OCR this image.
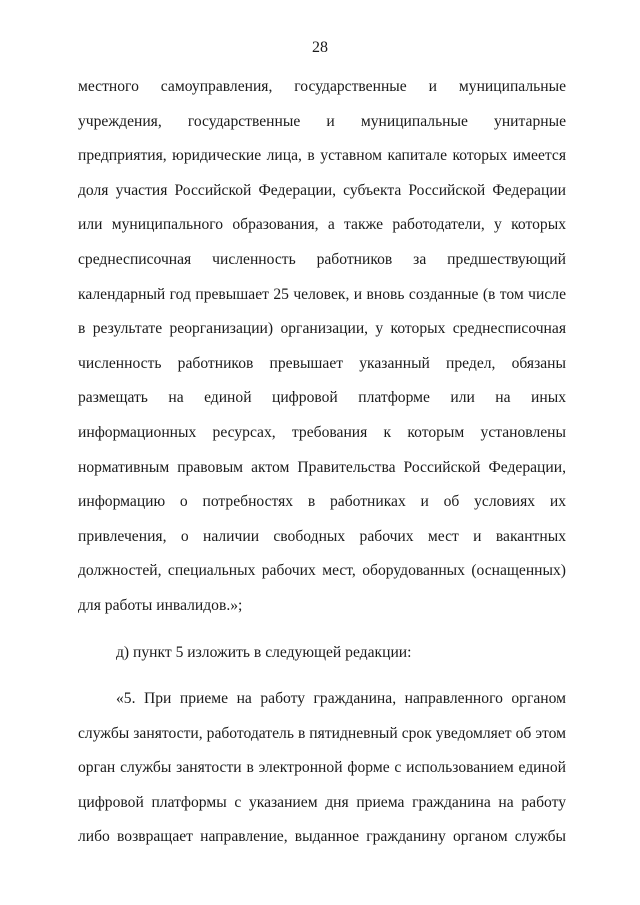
28

местного самоуправления, государственные и муниципальные учреждения, государственные и муниципальные унитарные предприятия, юридические лица, в уставном капитале которых имеется доля участия Российской Федерации, субъекта Российской Федерации или муниципального образования, а также работодатели, у которых среднесписочная численность работников за предшествующий календарный год превышает 25 человек, и вновь созданные (в том числе в результате реорганизации) организации, у которых среднесписочная численность работников превышает указанный предел, обязаны размещать на единой цифровой платформе или на иных информационных ресурсах, требования к которым установлены нормативным правовым актом Правительства Российской Федерации, информацию о потребностях в работниках и об условиях их привлечения, о наличии свободных рабочих мест и вакантных должностей, специальных рабочих мест, оборудованных (оснащенных) для работы инвалидов.»;

д) пункт 5 изложить в следующей редакции:

«5. При приеме на работу гражданина, направленного органом службы занятости, работодатель в пятидневный срок уведомляет об этом орган службы занятости в электронной форме с использованием единой цифровой платформы с указанием дня приема гражданина на работу либо возвращает направление, выданное гражданину органом службы
